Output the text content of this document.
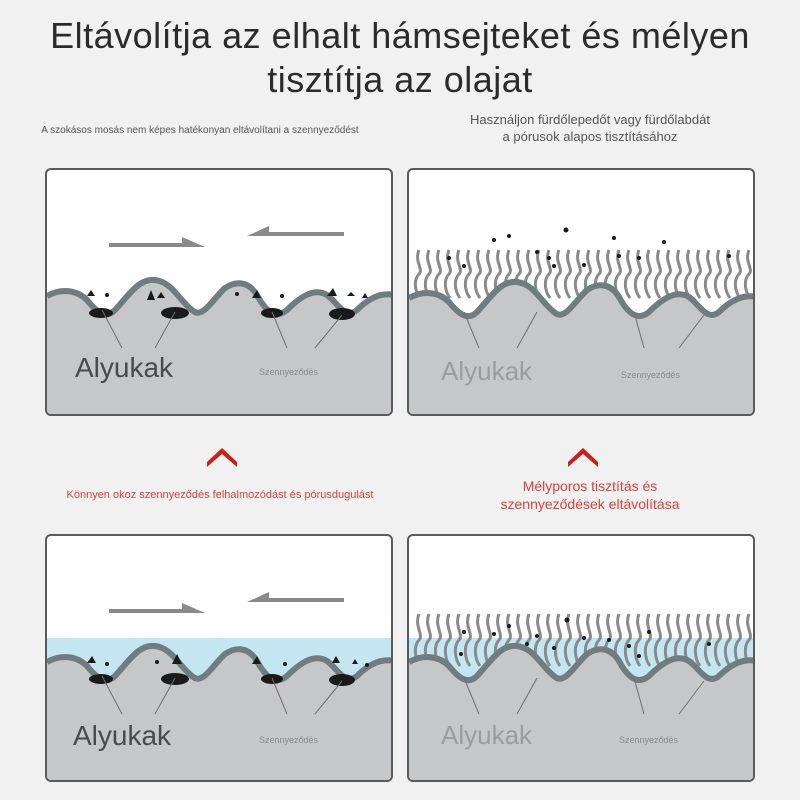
Eltávolítja az elhalt hámsejteket és mélyen
tisztítja az olajat
A szokásos mosás nem képes hatékonyan eltávolítani a szennyeződést
Használjon fürdőlepedőt vagy fürdőlabdát
a pórusok alapos tisztításához
Alyukak	Szennyeződés	Alyukak	Szennyeződés
Könnyen okoz szennyeződés felhalmozódást és pórusdugulást
Mélyporos tisztítás és
szennyeződések eltávolítása
Alyukak	Szennyeződés	Alyukak	Szennyeződés
